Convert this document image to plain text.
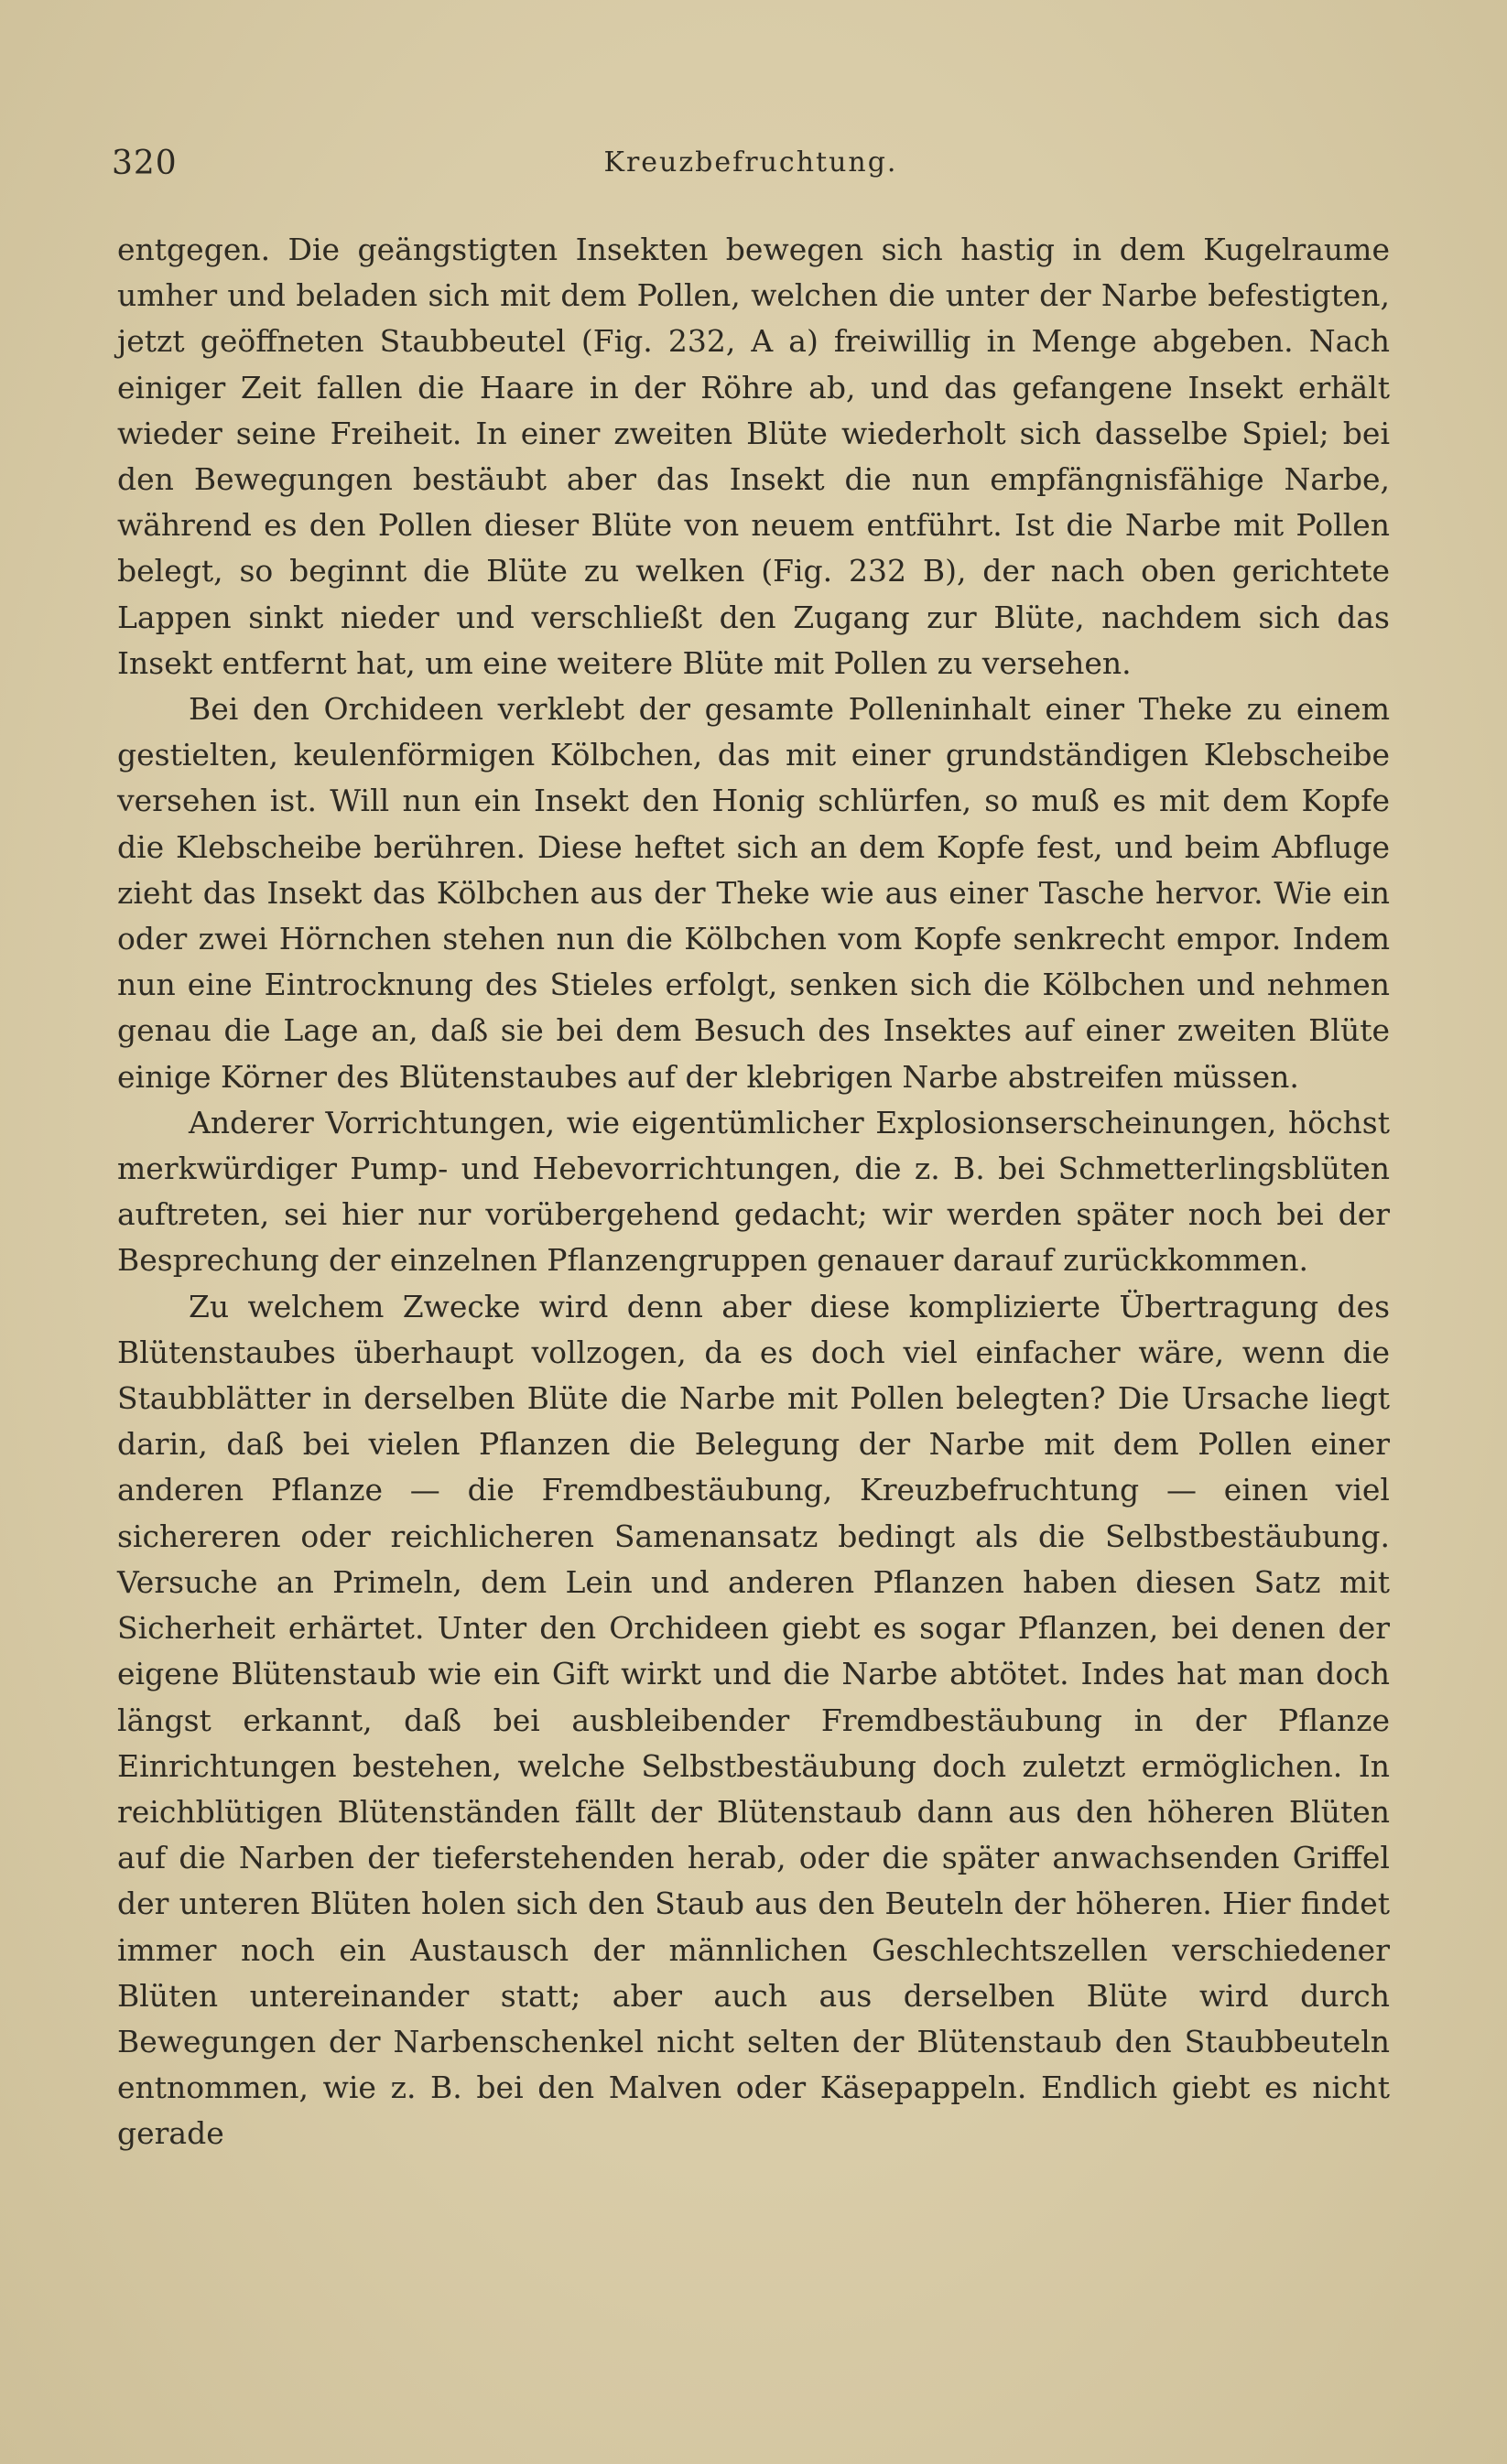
320	Kreuzbefruchtung.

entgegen. Die geängstigten Insekten bewegen sich hastig in dem Kugelraume umher und beladen sich mit dem Pollen, welchen die unter der Narbe befestigten, jetzt geöffneten Staubbeutel (Fig. 232, A a) freiwillig in Menge abgeben. Nach einiger Zeit fallen die Haare in der Röhre ab, und das gefangene Insekt erhält wieder seine Freiheit. In einer zweiten Blüte wiederholt sich dasselbe Spiel; bei den Bewegungen bestäubt aber das Insekt die nun empfängnisfähige Narbe, während es den Pollen dieser Blüte von neuem entführt. Ist die Narbe mit Pollen belegt, so beginnt die Blüte zu welken (Fig. 232 B), der nach oben gerichtete Lappen sinkt nieder und verschließt den Zugang zur Blüte, nachdem sich das Insekt entfernt hat, um eine weitere Blüte mit Pollen zu versehen.

Bei den Orchideen verklebt der gesamte Polleninhalt einer Theke zu einem gestielten, keulenförmigen Kölbchen, das mit einer grundständigen Klebscheibe versehen ist. Will nun ein Insekt den Honig schlürfen, so muß es mit dem Kopfe die Klebscheibe berühren. Diese heftet sich an dem Kopfe fest, und beim Abfluge zieht das Insekt das Kölbchen aus der Theke wie aus einer Tasche hervor. Wie ein oder zwei Hörnchen stehen nun die Kölbchen vom Kopfe senkrecht empor. Indem nun eine Eintrocknung des Stieles erfolgt, senken sich die Kölbchen und nehmen genau die Lage an, daß sie bei dem Besuch des Insektes auf einer zweiten Blüte einige Körner des Blütenstaubes auf der klebrigen Narbe abstreifen müssen.

Anderer Vorrichtungen, wie eigentümlicher Explosionserscheinungen, höchst merkwürdiger Pump- und Hebevorrichtungen, die z. B. bei Schmetterlingsblüten auftreten, sei hier nur vorübergehend gedacht; wir werden später noch bei der Besprechung der einzelnen Pflanzengruppen genauer darauf zurückkommen.

Zu welchem Zwecke wird denn aber diese komplizierte Übertragung des Blütenstaubes überhaupt vollzogen, da es doch viel einfacher wäre, wenn die Staubblätter in derselben Blüte die Narbe mit Pollen belegten? Die Ursache liegt darin, daß bei vielen Pflanzen die Belegung der Narbe mit dem Pollen einer anderen Pflanze — die Fremdbestäubung, Kreuzbefruchtung — einen viel sichereren oder reichlicheren Samenansatz bedingt als die Selbstbestäubung. Versuche an Primeln, dem Lein und anderen Pflanzen haben diesen Satz mit Sicherheit erhärtet. Unter den Orchideen giebt es sogar Pflanzen, bei denen der eigene Blütenstaub wie ein Gift wirkt und die Narbe abtötet. Indes hat man doch längst erkannt, daß bei ausbleibender Fremdbestäubung in der Pflanze Einrichtungen bestehen, welche Selbstbestäubung doch zuletzt ermöglichen. In reichblütigen Blütenständen fällt der Blütenstaub dann aus den höheren Blüten auf die Narben der tieferstehenden herab, oder die später anwachsenden Griffel der unteren Blüten holen sich den Staub aus den Beuteln der höheren. Hier findet immer noch ein Austausch der männlichen Geschlechtszellen verschiedener Blüten untereinander statt; aber auch aus derselben Blüte wird durch Bewegungen der Narbenschenkel nicht selten der Blütenstaub den Staubbeuteln entnommen, wie z. B. bei den Malven oder Käsepappeln. Endlich giebt es nicht gerade
